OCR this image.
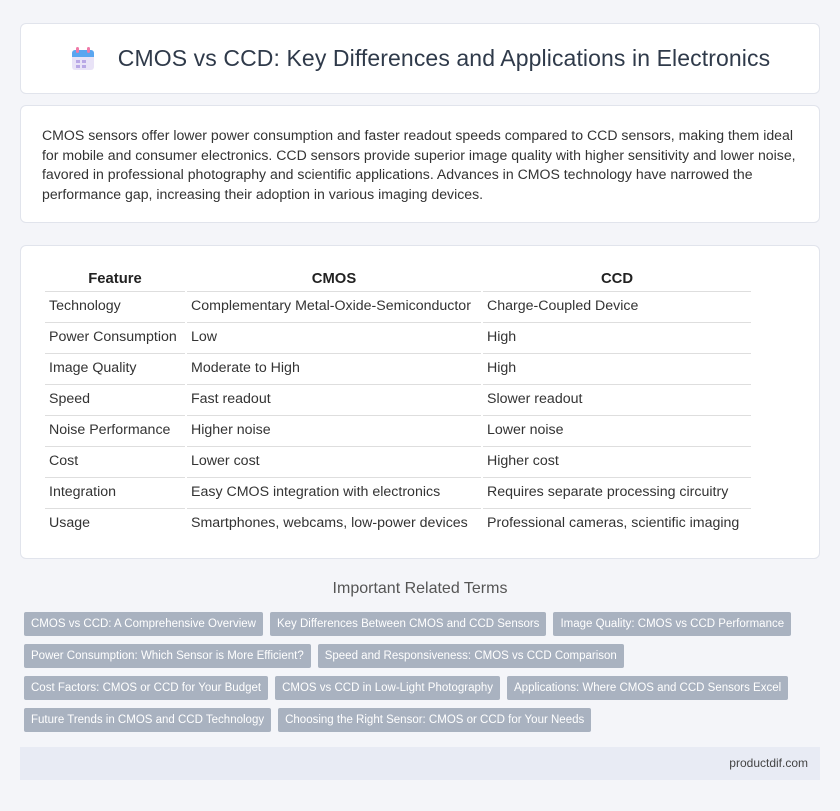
CMOS vs CCD: Key Differences and Applications in Electronics

CMOS sensors offer lower power consumption and faster readout speeds compared to CCD sensors, making them ideal for mobile and consumer electronics. CCD sensors provide superior image quality with higher sensitivity and lower noise, favored in professional photography and scientific applications. Advances in CMOS technology have narrowed the performance gap, increasing their adoption in various imaging devices.

Feature	CMOS	CCD
Technology	Complementary Metal-Oxide-Semiconductor	Charge-Coupled Device
Power Consumption	Low	High
Image Quality	Moderate to High	High
Speed	Fast readout	Slower readout
Noise Performance	Higher noise	Lower noise
Cost	Lower cost	Higher cost
Integration	Easy CMOS integration with electronics	Requires separate processing circuitry
Usage	Smartphones, webcams, low-power devices	Professional cameras, scientific imaging
Important Related Terms
CMOS vs CCD: A Comprehensive Overview	Key Differences Between CMOS and CCD Sensors	Image Quality: CMOS vs CCD Performance
Power Consumption: Which Sensor is More Efficient?	Speed and Responsiveness: CMOS vs CCD Comparison
Cost Factors: CMOS or CCD for Your Budget	CMOS vs CCD in Low-Light Photography	Applications: Where CMOS and CCD Sensors Excel
Future Trends in CMOS and CCD Technology	Choosing the Right Sensor: CMOS or CCD for Your Needs
productdif.com
